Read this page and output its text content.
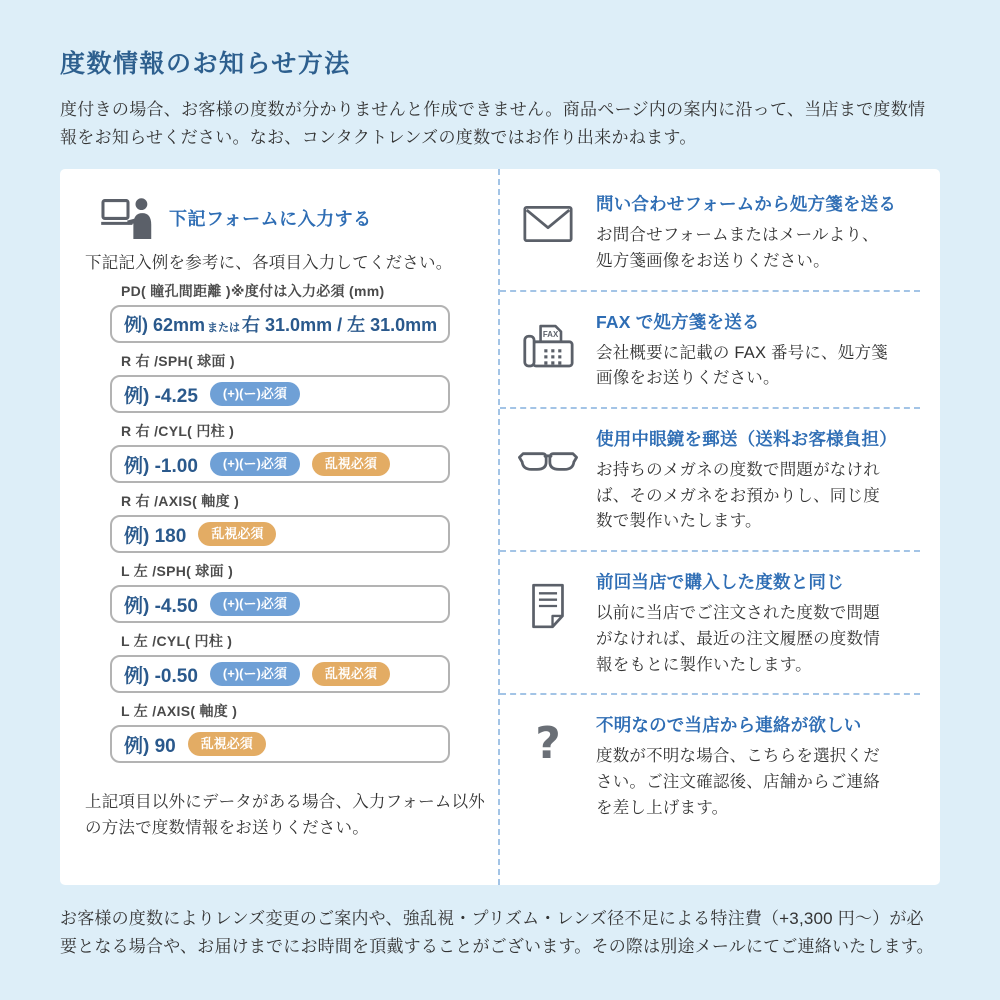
度数情報のお知らせ方法

度付きの場合、お客様の度数が分かりませんと作成できません。商品ページ内の案内に沿って、当店まで度数情報をお知らせください。なお、コンタクトレンズの度数ではお作り出来かねます。

下記フォームに入力する

下記記入例を参考に、各項目入力してください。

PD( 瞳孔間距離 )※度付は入力必須 (mm)
例) 62mm または 右 31.0mm / 左 31.0mm
R 右 /SPH( 球面 )
例) -4.25	(+)(ー)必須
R 右 /CYL( 円柱 )
例) -1.00	(+)(ー)必須	乱視必須
R 右 /AXIS( 軸度 )
例) 180	乱視必須
L 左 /SPH( 球面 )
例) -4.50	(+)(ー)必須
L 左 /CYL( 円柱 )
例) -0.50	(+)(ー)必須	乱視必須
L 左 /AXIS( 軸度 )
例) 90	乱視必須

上記項目以外にデータがある場合、入力フォーム以外の方法で度数情報をお送りください。

問い合わせフォームから処方箋を送る

お問合せフォームまたはメールより、処方箋画像をお送りください。

FAX
FAX で処方箋を送る

会社概要に記載の FAX 番号に、処方箋画像をお送りください。

使用中眼鏡を郵送（送料お客様負担）

お持ちのメガネの度数で問題がなければ、そのメガネをお預かりし、同じ度数で製作いたします。

前回当店で購入した度数と同じ

以前に当店でご注文された度数で問題がなければ、最近の注文履歴の度数情報をもとに製作いたします。

? 不明なので当店から連絡が欲しい

度数が不明な場合、こちらを選択ください。ご注文確認後、店舗からご連絡を差し上げます。

お客様の度数によりレンズ変更のご案内や、強乱視・プリズム・レンズ径不足による特注費（+3,300 円～）が必要となる場合や、お届けまでにお時間を頂戴することがございます。その際は別途メールにてご連絡いたします。
